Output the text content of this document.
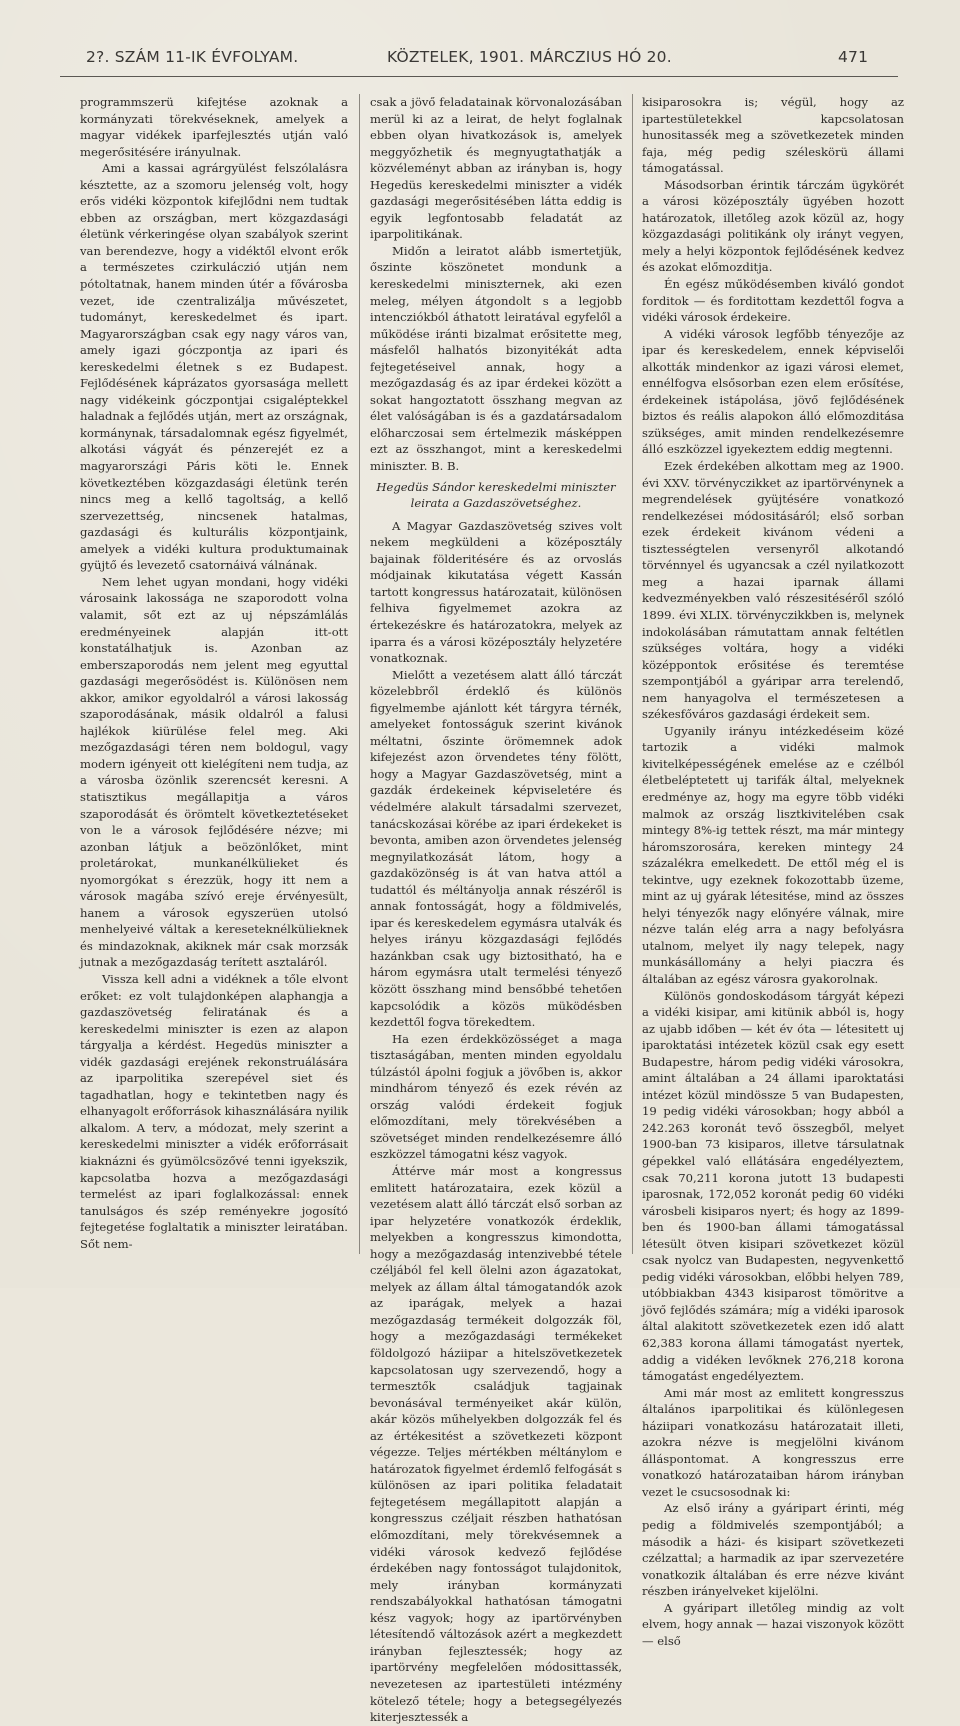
2?. SZÁM 11-IK ÉVFOLYAM.	KÖZTELEK, 1901. MÁRCZIUS HÓ 20.	471

programmszerü kifejtése azoknak a kormányzati törekvéseknek, amelyek a magyar vidékek iparfejlesztés utján való megerősitésére irányulnak.

Ami a kassai agrárgyülést felszólalásra késztette, az a szomoru jelenség volt, hogy erős vidéki központok kifejlődni nem tudtak ebben az országban, mert közgazdasági életünk vérkeringése olyan szabályok szerint van berendezve, hogy a vidéktől elvont erők a természetes czirkuláczió utján nem pótoltatnak, hanem minden útér a fővárosba vezet, ide czentralizálja művészetet, tudományt, kereskedelmet és ipart. Magyarországban csak egy nagy város van, amely igazi góczpontja az ipari és kereskedelmi életnek s ez Budapest. Fejlődésének káprázatos gyorsasága mellett nagy vidékeink góczpontjai csigaléptekkel haladnak a fejlődés utján, mert az országnak, kormánynak, társadalomnak egész figyelmét, alkotási vágyát és pénzerejét ez a magyarországi Páris köti le. Ennek következtében közgazdasági életünk terén nincs meg a kellő tagoltság, a kellő szervezettség, nincsenek hatalmas, gazdasági és kulturális központjaink, amelyek a vidéki kultura produktumainak gyüjtő és levezető csatornáivá válnának.

Nem lehet ugyan mondani, hogy vidéki városaink lakossága ne szaporodott volna valamit, sőt ezt az uj népszámlálás eredményeinek alapján itt-ott konstatálhatjuk is. Azonban az emberszaporodás nem jelent meg egyuttal gazdasági megerősödést is. Különösen nem akkor, amikor egyoldalról a városi lakosság szaporodásának, másik oldalról a falusi hajlékok kiürülése felel meg. Aki mezőgazdasági téren nem boldogul, vagy modern igényeit ott kielégíteni nem tudja, az a városba özönlik szerencsét keresni. A statisztikus megállapitja a város szaporodását és örömtelt következtetéseket von le a városok fejlődésére nézve; mi azonban látjuk a beözönlőket, mint proletárokat, munkanélkülieket és nyomorgókat s érezzük, hogy itt nem a városok magába szívó ereje érvényesült, hanem a városok egyszerüen utolsó menhelyeivé váltak a kereseteknélkülieknek és mindazoknak, akiknek már csak morzsák jutnak a mezőgazdaság terített asztaláról.

Vissza kell adni a vidéknek a tőle elvont erőket: ez volt tulajdonképen alaphangja a gazdaszövetség feliratának és a kereskedelmi miniszter is ezen az alapon tárgyalja a kérdést. Hegedüs miniszter a vidék gazdasági erejének rekonstruálására az iparpolitika szerepével siet és tagadhatlan, hogy e tekintetben nagy és elhanyagolt erőforrások kihasználására nyilik alkalom. A terv, a módozat, mely szerint a kereskedelmi miniszter a vidék erőforrásait kiaknázni és gyümölcsözővé tenni igyekszik, kapcsolatba hozva a mezőgazdasági termelést az ipari foglalkozással: ennek tanulságos és szép reményekre jogosító fejtegetése foglaltatik a miniszter leiratában. Sőt nem-

csak a jövő feladatainak körvonalozásában merül ki az a leirat, de helyt foglalnak ebben olyan hivatkozások is, amelyek meggyőzhetik és megnyugtathatják a közvéleményt abban az irányban is, hogy Hegedüs kereskedelmi miniszter a vidék gazdasági megerősitésében látta eddig is egyik legfontosabb feladatát az iparpolitikának.

Midőn a leiratot alább ismertetjük, őszinte köszönetet mondunk a kereskedelmi miniszternek, aki ezen meleg, mélyen átgondolt s a legjobb intencziókból áthatott leiratával egyfelől a működése iránti bizalmat erősitette meg, másfelől halhatós bizonyitékát adta fejtegetéseivel annak, hogy a mezőgazdaság és az ipar érdekei között a sokat hangoztatott összhang megvan az élet valóságában is és a gazdatársadalom előharczosai sem értelmezik másképpen ezt az összhangot, mint a kereskedelmi miniszter. B. B.

Hegedüs Sándor kereskedelmi miniszter leirata a Gazdaszövetséghez.

A Magyar Gazdaszövetség szives volt nekem megküldeni a középosztály bajainak földeritésére és az orvoslás módjainak kikutatása végett Kassán tartott kongressus határozatait, különösen felhiva figyelmemet azokra az értekezéskre és határozatokra, melyek az iparra és a városi középosztály helyzetére vonatkoznak.

Mielőtt a vezetésem alatt álló tárczát közelebbről érdeklő és különös figyelmembe ajánlott két tárgyra térnék, amelyeket fontosságuk szerint kivánok méltatni, őszinte örömemnek adok kifejezést azon örvendetes tény fölött, hogy a Magyar Gazdaszövetség, mint a gazdák érdekeinek képviseletére és védelmére alakult társadalmi szervezet, tanácskozásai körébe az ipari érdekeket is bevonta, amiben azon örvendetes jelenség megnyilatkozását látom, hogy a gazdaközönség is át van hatva attól a tudattól és méltányolja annak részéről is annak fontosságát, hogy a földmivelés, ipar és kereskedelem egymásra utalvák és helyes irányu közgazdasági fejlődés hazánkban csak ugy biztositható, ha e három egymásra utalt termelési tényező között összhang mind bensőbbé tehetően kapcsolódik a közös müködésben kezdettől fogva törekedtem.

Ha ezen érdekközösséget a maga tisztaságában, menten minden egyoldalu túlzástól ápolni fogjuk a jövőben is, akkor mindhárom tényező és ezek révén az ország valódi érdekeit fogjuk előmozdítani, mely törekvésében a szövetséget minden rendelkezésemre álló eszközzel támogatni kész vagyok.

Áttérve már most a kongressus emlitett határozataira, ezek közül a vezetésem alatt álló tárczát első sorban az ipar helyzetére vonatkozók érdeklik, melyekben a kongresszus kimondotta, hogy a mezőgazdaság intenzivebbé tétele czéljából fel kell ölelni azon ágazatokat, melyek az állam által támogatandók azok az iparágak, melyek a hazai mezőgazdaság termékeit dolgozzák föl, hogy a mezőgazdasági termékeket földolgozó háziipar a hitelszövetkezetek kapcsolatosan ugy szervezendő, hogy a termesztők családjuk tagjainak bevonásával terményeiket akár külön, akár közös műhelyekben dolgozzák fel és az értékesitést a szövetkezeti központ végezze. Teljes mértékben méltánylom e határozatok figyelmet érdemlő felfogását s különösen az ipari politika feladatait fejtegetésem megállapitott alapján a kongresszus czéljait részben hathatósan előmozdítani, mely törekvésemnek a vidéki városok kedvező fejlődése érdekében nagy fontosságot tulajdonitok, mely irányban kormányzati rendszabályokkal hathatósan támogatni kész vagyok; hogy az ipartörvényben létesítendő változások azért a megkezdett irányban fejlesztessék; hogy az ipartörvény megfelelően módosittassék, nevezetesen az ipartestületi intézmény kötelező tétele; hogy a betegsegélyezés kiterjesztessék a

kisiparosokra is; végül, hogy az ipartestületekkel kapcsolatosan hunositassék meg a szövetkezetek minden faja, még pedig széleskörü állami támogatással.

Másodsorban érintik tárczám ügykörét a városi középosztály ügyében hozott határozatok, illetőleg azok közül az, hogy közgazdasági politikánk oly irányt vegyen, mely a helyi központok fejlődésének kedvez és azokat előmozditja.

Én egész működésemben kiváló gondot forditok — és forditottam kezdettől fogva a vidéki városok érdekeire.

A vidéki városok legfőbb tényezője az ipar és kereskedelem, ennek képviselői alkották mindenkor az igazi városi elemet, ennélfogva elsősorban ezen elem erősítése, érdekeinek istápolása, jövő fejlődésének biztos és reális alapokon álló előmozditása szükséges, amit minden rendelkezésemre álló eszközzel igyekeztem eddig megtenni.

Ezek érdekében alkottam meg az 1900. évi XXV. törvényczikket az ipartörvénynek a megrendelések gyüjtésére vonatkozó rendelkezései módositásáról; első sorban ezek érdekeit kivánom védeni a tisztességtelen versenyről alkotandó törvénnyel és ugyancsak a czél nyilatkozott meg a hazai iparnak állami kedvezményekben való részesitéséről szóló 1899. évi XLIX. törvényczikkben is, melynek indokolásában rámutattam annak feltétlen szükséges voltára, hogy a vidéki középpontok erősitése és teremtése szempontjából a gyáripar arra terelendő, nem hanyagolva el természetesen a székesfőváros gazdasági érdekeit sem.

Ugyanily irányu intézkedéseim közé tartozik a vidéki malmok kivitelképességének emelése az e czélból életbeléptetett uj tarifák által, melyeknek eredménye az, hogy ma egyre több vidéki malmok az ország lisztkivitelében csak mintegy 8%-ig tettek részt, ma már mintegy háromszorosára, kereken mintegy 24 százalékra emelkedett. De ettől még el is tekintve, ugy ezeknek fokozottabb üzeme, mint az uj gyárak létesitése, mind az összes helyi tényezők nagy előnyére válnak, mire nézve talán elég arra a nagy befolyásra utalnom, melyet ily nagy telepek, nagy munkásállomány a helyi piaczra és általában az egész városra gyakorolnak.

Különös gondoskodásom tárgyát képezi a vidéki kisipar, ami kitünik abból is, hogy az ujabb időben — két év óta — létesitett uj iparoktatási intézetek közül csak egy esett Budapestre, három pedig vidéki városokra, amint általában a 24 állami iparoktatási intézet közül mindössze 5 van Budapesten, 19 pedig vidéki városokban; hogy abból a 242.263 koronát tevő összegből, melyet 1900-ban 73 kisiparos, illetve társulatnak gépekkel való ellátására engedélyeztem, csak 70,211 korona jutott 13 budapesti iparosnak, 172,052 koronát pedig 60 vidéki városbeli kisiparos nyert; és hogy az 1899-ben és 1900-ban állami támogatással létesült ötven kisipari szövetkezet közül csak nyolcz van Budapesten, negyvenkettő pedig vidéki városokban, előbbi helyen 789, utóbbiakban 4343 kisiparost tömöritve a jövő fejlődés számára; míg a vidéki iparosok által alakitott szövetkezetek ezen idő alatt 62,383 korona állami támogatást nyertek, addig a vidéken levőknek 276,218 korona támogatást engedélyeztem.

Ami már most az emlitett kongresszus általános iparpolitikai és különlegesen háziipari vonatkozásu határozatait illeti, azokra nézve is megjelölni kivánom álláspontomat. A kongresszus erre vonatkozó határozataiban három irányban vezet le csucsosodnak ki:

Az első irány a gyáripart érinti, még pedig a földmivelés szempontjából; a második a házi- és kisipart szövetkezeti czélzattal; a harmadik az ipar szervezetére vonatkozik általában és erre nézve kivánt részben irányelveket kijelölni.

A gyáripart illetőleg mindig az volt elvem, hogy annak — hazai viszonyok között — első
